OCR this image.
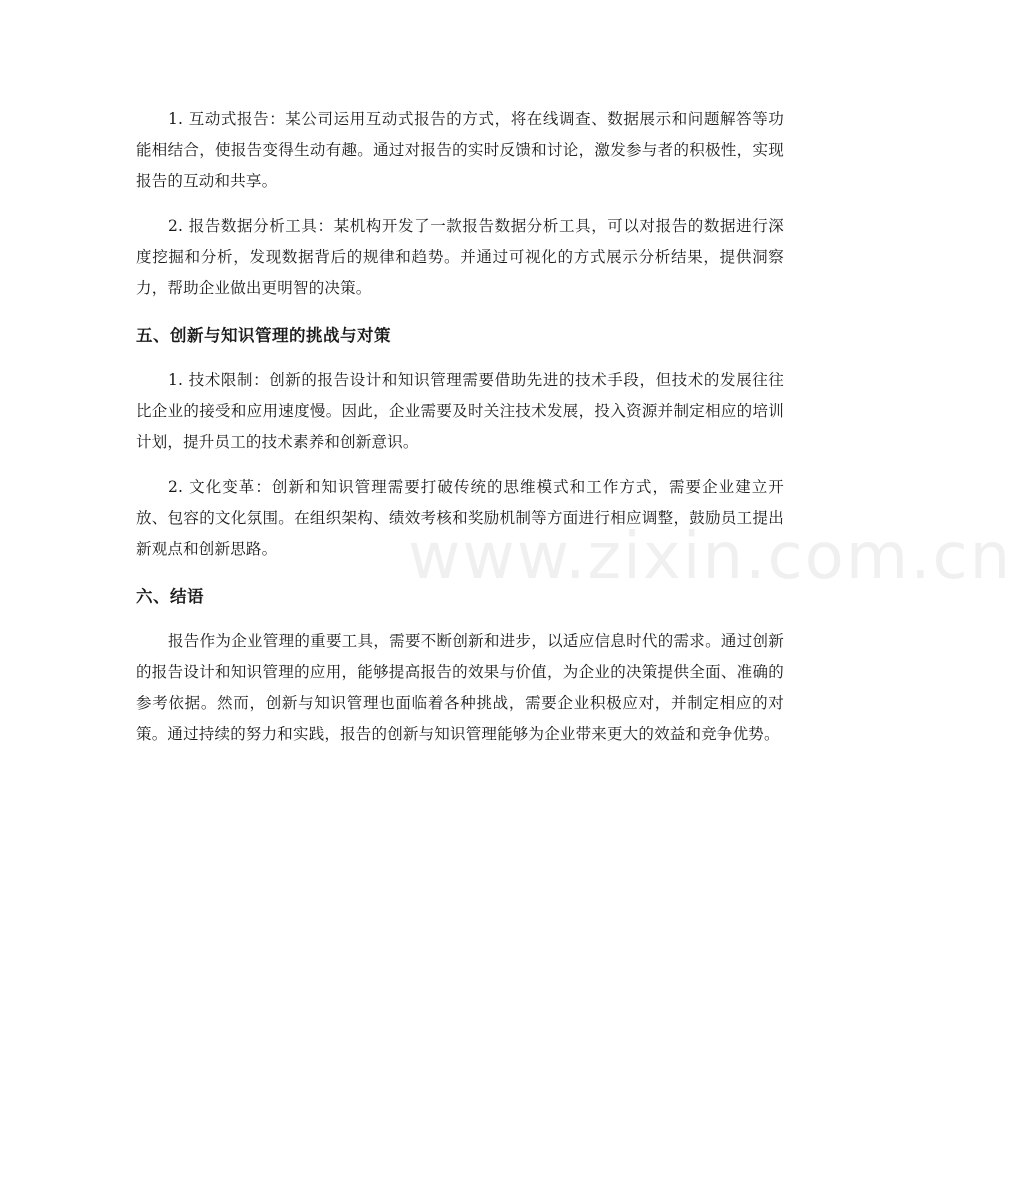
1. 互动式报告：某公司运用互动式报告的方式，将在线调查、数据展示和问题解答等功能相结合，使报告变得生动有趣。通过对报告的实时反馈和讨论，激发参与者的积极性，实现报告的互动和共享。

2. 报告数据分析工具：某机构开发了一款报告数据分析工具，可以对报告的数据进行深度挖掘和分析，发现数据背后的规律和趋势。并通过可视化的方式展示分析结果，提供洞察力，帮助企业做出更明智的决策。

五、创新与知识管理的挑战与对策

1. 技术限制：创新的报告设计和知识管理需要借助先进的技术手段，但技术的发展往往比企业的接受和应用速度慢。因此，企业需要及时关注技术发展，投入资源并制定相应的培训计划，提升员工的技术素养和创新意识。

2. 文化变革：创新和知识管理需要打破传统的思维模式和工作方式，需要企业建立开放、包容的文化氛围。在组织架构、绩效考核和奖励机制等方面进行相应调整，鼓励员工提出新观点和创新思路。

六、结语

报告作为企业管理的重要工具，需要不断创新和进步，以适应信息时代的需求。通过创新的报告设计和知识管理的应用，能够提高报告的效果与价值，为企业的决策提供全面、准确的参考依据。然而，创新与知识管理也面临着各种挑战，需要企业积极应对，并制定相应的对策。通过持续的努力和实践，报告的创新与知识管理能够为企业带来更大的效益和竞争优势。

www.zixin.com.cn
